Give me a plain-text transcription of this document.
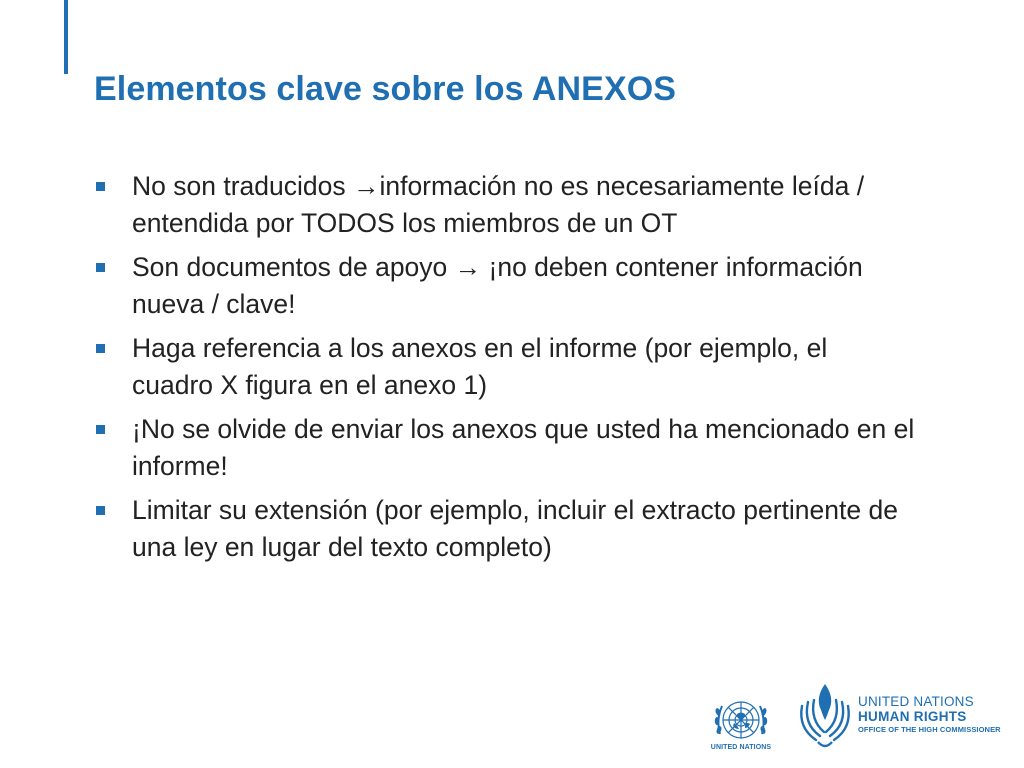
Elementos clave sobre los ANEXOS
No son traducidos →información no es necesariamente leída / entendida por TODOS los miembros de un OT
Son documentos de apoyo → ¡no deben contener información nueva / clave!
Haga referencia a los anexos en el informe (por ejemplo, el cuadro X figura en el anexo 1)
¡No se olvide de enviar los anexos que usted ha mencionado en el informe!
Limitar su extensión (por ejemplo, incluir el extracto pertinente de una ley en lugar del texto completo)
UNITED NATIONS
UNITED NATIONS
HUMAN RIGHTS
OFFICE OF THE HIGH COMMISSIONER
